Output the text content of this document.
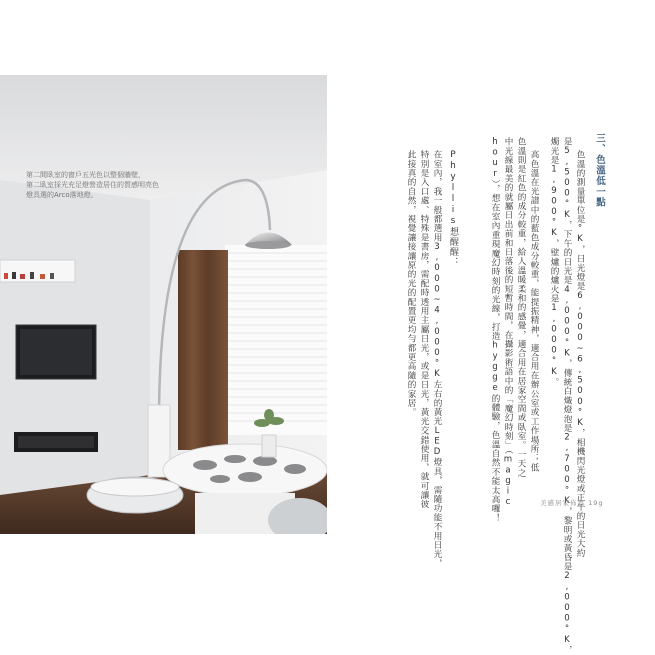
第二間臥室的窗戶五光色以整個牆壁，
第二臥室採光充足燈營造居住的質感明亮色
燈具選的Arco落地燈。	三、色溫低一點

色溫的測量單位是°K，日光燈是6,000~6,500°K，相機閃光燈或正午的日光大約

是5,500°K，下午的日光是4,000°K，傳統白熾燈泡是2,700°K，黎明或黃昏是2,000°K，

燭光是1,900°K，壁爐的爐火是1,000°K。

高色溫在光譜中的藍色成分較重，能提振精神，適合用在辦公室或工作場所；低

色溫則是紅色的成分較重，給人溫暖柔和的感覺，適合用在居家空間或臥室。一天之

中光線最美的就屬日出前和日落後的短暫時間，在攝影術語中的「魔幻時刻」（magic

hour），想在室內重現魔幻時刻的光線，打造hygge的體驗，色溫自然不能太高囉！

Phyllis想醒醒：

在室內，我一般都選用3,000~4,000°K左右的黃光LED燈具，需隨功能不用日光，

特別是入口處、特殊是書房，需配時透用主屬日光，或是日光，黃光交錯使用，就可讓彼

此接真的自然，視覺讓接讓原的光的配置更均勻都更高隨的家居。

美感居家佈置 19g
